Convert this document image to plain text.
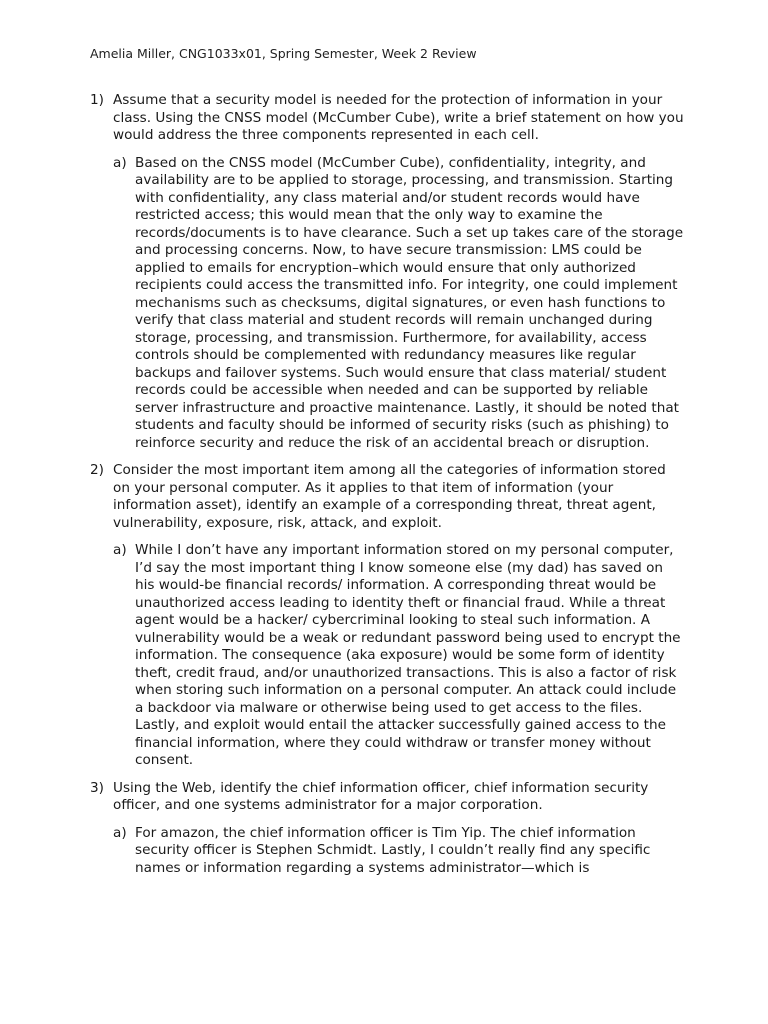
Amelia Miller, CNG1033x01, Spring Semester, Week 2 Review
1) Assume that a security model is needed for the protection of information in your class. Using the CNSS model (McCumber Cube), write a brief statement on how you would address the three components represented in each cell.
a) Based on the CNSS model (McCumber Cube), confidentiality, integrity, and availability are to be applied to storage, processing, and transmission. Starting with confidentiality, any class material and/or student records would have restricted access; this would mean that the only way to examine the records/documents is to have clearance. Such a set up takes care of the storage and processing concerns. Now, to have secure transmission: LMS could be applied to emails for encryption–which would ensure that only authorized recipients could access the transmitted info. For integrity, one could implement mechanisms such as checksums, digital signatures, or even hash functions to verify that class material and student records will remain unchanged during storage, processing, and transmission. Furthermore, for availability, access controls should be complemented with redundancy measures like regular backups and failover systems. Such would ensure that class material/ student records could be accessible when needed and can be supported by reliable server infrastructure and proactive maintenance. Lastly, it should be noted that students and faculty should be informed of security risks (such as phishing) to reinforce security and reduce the risk of an accidental breach or disruption.
2) Consider the most important item among all the categories of information stored on your personal computer. As it applies to that item of information (your information asset), identify an example of a corresponding threat, threat agent, vulnerability, exposure, risk, attack, and exploit.
a) While I don’t have any important information stored on my personal computer, I’d say the most important thing I know someone else (my dad) has saved on his would-be financial records/ information. A corresponding threat would be unauthorized access leading to identity theft or financial fraud. While a threat agent would be a hacker/ cybercriminal looking to steal such information. A vulnerability would be a weak or redundant password being used to encrypt the information. The consequence (aka exposure) would be some form of identity theft, credit fraud, and/or unauthorized transactions. This is also a factor of risk when storing such information on a personal computer. An attack could include a backdoor via malware or otherwise being used to get access to the files. Lastly, and exploit would entail the attacker successfully gained access to the financial information, where they could withdraw or transfer money without consent.
3) Using the Web, identify the chief information officer, chief information security officer, and one systems administrator for a major corporation.
a) For amazon, the chief information officer is Tim Yip. The chief information security officer is Stephen Schmidt. Lastly, I couldn’t really find any specific names or information regarding a systems administrator—which is
